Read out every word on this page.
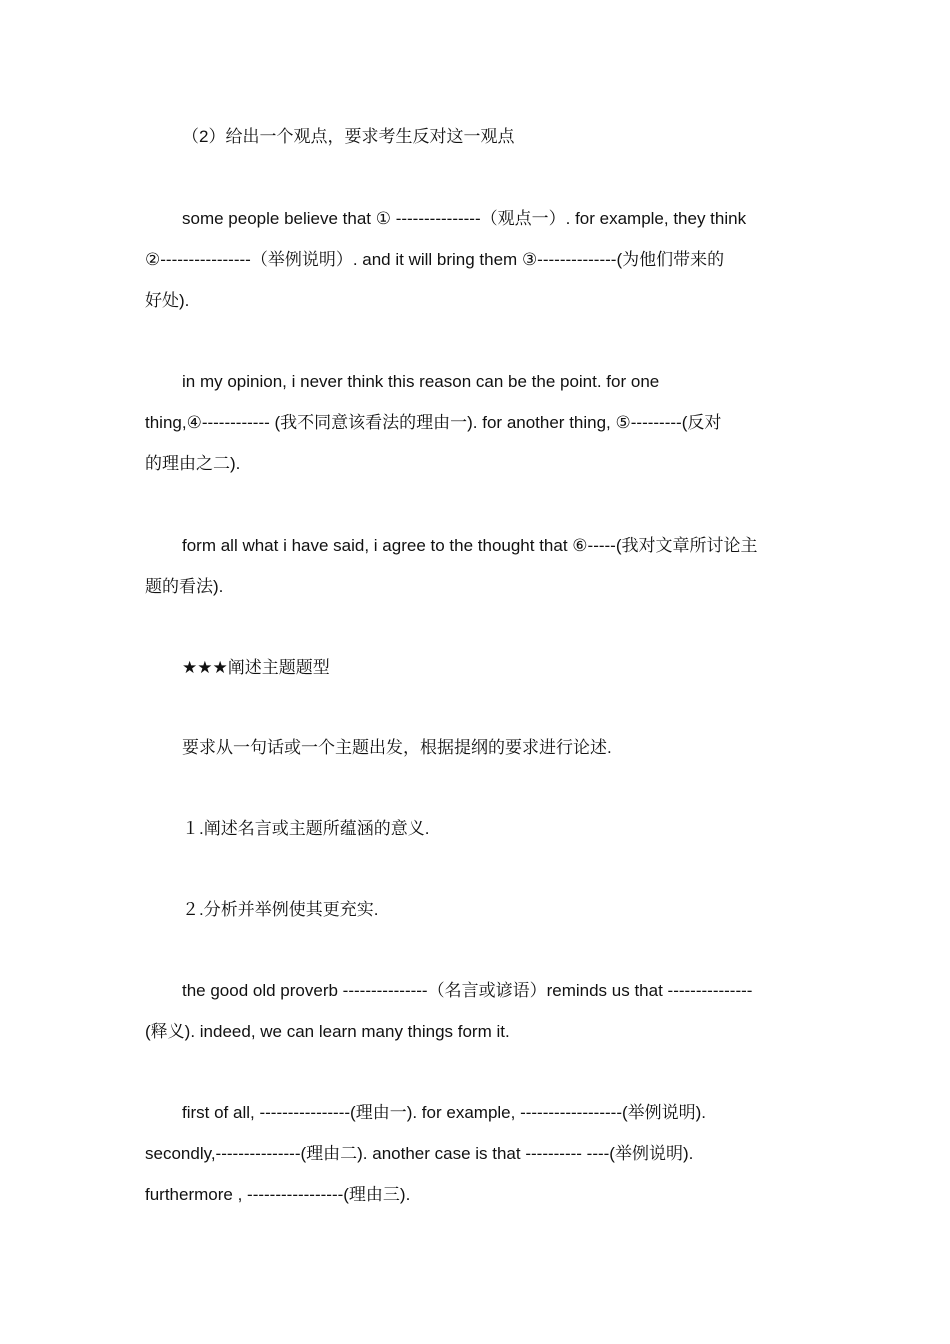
（2）给出一个观点，要求考生反对这一观点

some people believe that ① ---------------（观点一）. for example, they think
②----------------（举例说明）. and it will bring them ③--------------(为他们带来的
好处).

in my opinion, i never think this reason can be the point. for one
thing,④------------ (我不同意该看法的理由一). for another thing, ⑤---------(反对
的理由之二).

form all what i have said, i agree to the thought that ⑥-----(我对文章所讨论主
题的看法).

★★★阐述主题题型

要求从一句话或一个主题出发，根据提纲的要求进行论述.

１.阐述名言或主题所蕴涵的意义.

２.分析并举例使其更充实.

the good old proverb ---------------（名言或谚语）reminds us that ---------------
(释义). indeed, we can learn many things form it.

first of all, ----------------(理由一). for example, ------------------(举例说明).
secondly,---------------(理由二). another case is that ---------- ----(举例说明).
furthermore , -----------------(理由三).
